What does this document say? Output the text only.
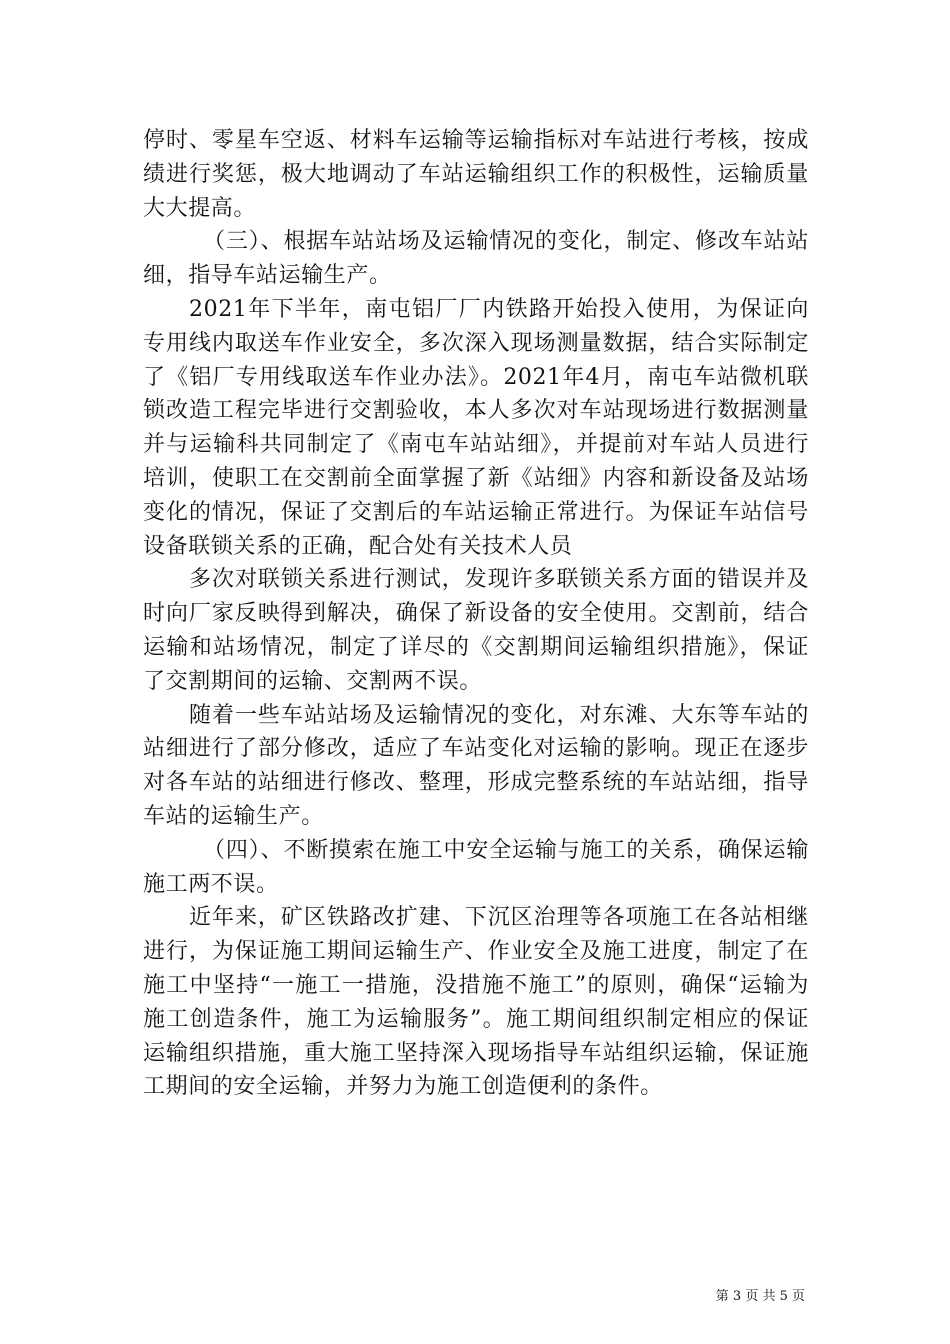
停时、零星车空返、材料车运输等运输指标对车站进行考核，按成绩进行奖惩，极大地调动了车站运输组织工作的积极性，运输质量大大提高。

（三）、根据车站站场及运输情况的变化，制定、修改车站站细，指导车站运输生产。

2021年下半年，南屯铝厂厂内铁路开始投入使用，为保证向专用线内取送车作业安全，多次深入现场测量数据，结合实际制定了《铝厂专用线取送车作业办法》。2021年4月，南屯车站微机联锁改造工程完毕进行交割验收，本人多次对车站现场进行数据测量并与运输科共同制定了《南屯车站站细》，并提前对车站人员进行培训，使职工在交割前全面掌握了新《站细》内容和新设备及站场变化的情况，保证了交割后的车站运输正常进行。为保证车站信号设备联锁关系的正确，配合处有关技术人员

多次对联锁关系进行测试，发现许多联锁关系方面的错误并及时向厂家反映得到解决，确保了新设备的安全使用。交割前，结合运输和站场情况，制定了详尽的《交割期间运输组织措施》，保证了交割期间的运输、交割两不误。

随着一些车站站场及运输情况的变化，对东滩、大东等车站的站细进行了部分修改，适应了车站变化对运输的影响。现正在逐步对各车站的站细进行修改、整理，形成完整系统的车站站细，指导车站的运输生产。

（四）、不断摸索在施工中安全运输与施工的关系，确保运输施工两不误。

近年来，矿区铁路改扩建、下沉区治理等各项施工在各站相继进行，为保证施工期间运输生产、作业安全及施工进度，制定了在施工中坚持“一施工一措施，没措施不施工”的原则，确保“运输为施工创造条件，施工为运输服务”。施工期间组织制定相应的保证运输组织措施，重大施工坚持深入现场指导车站组织运输，保证施工期间的安全运输，并努力为施工创造便利的条件。

第 3 页 共 5 页
